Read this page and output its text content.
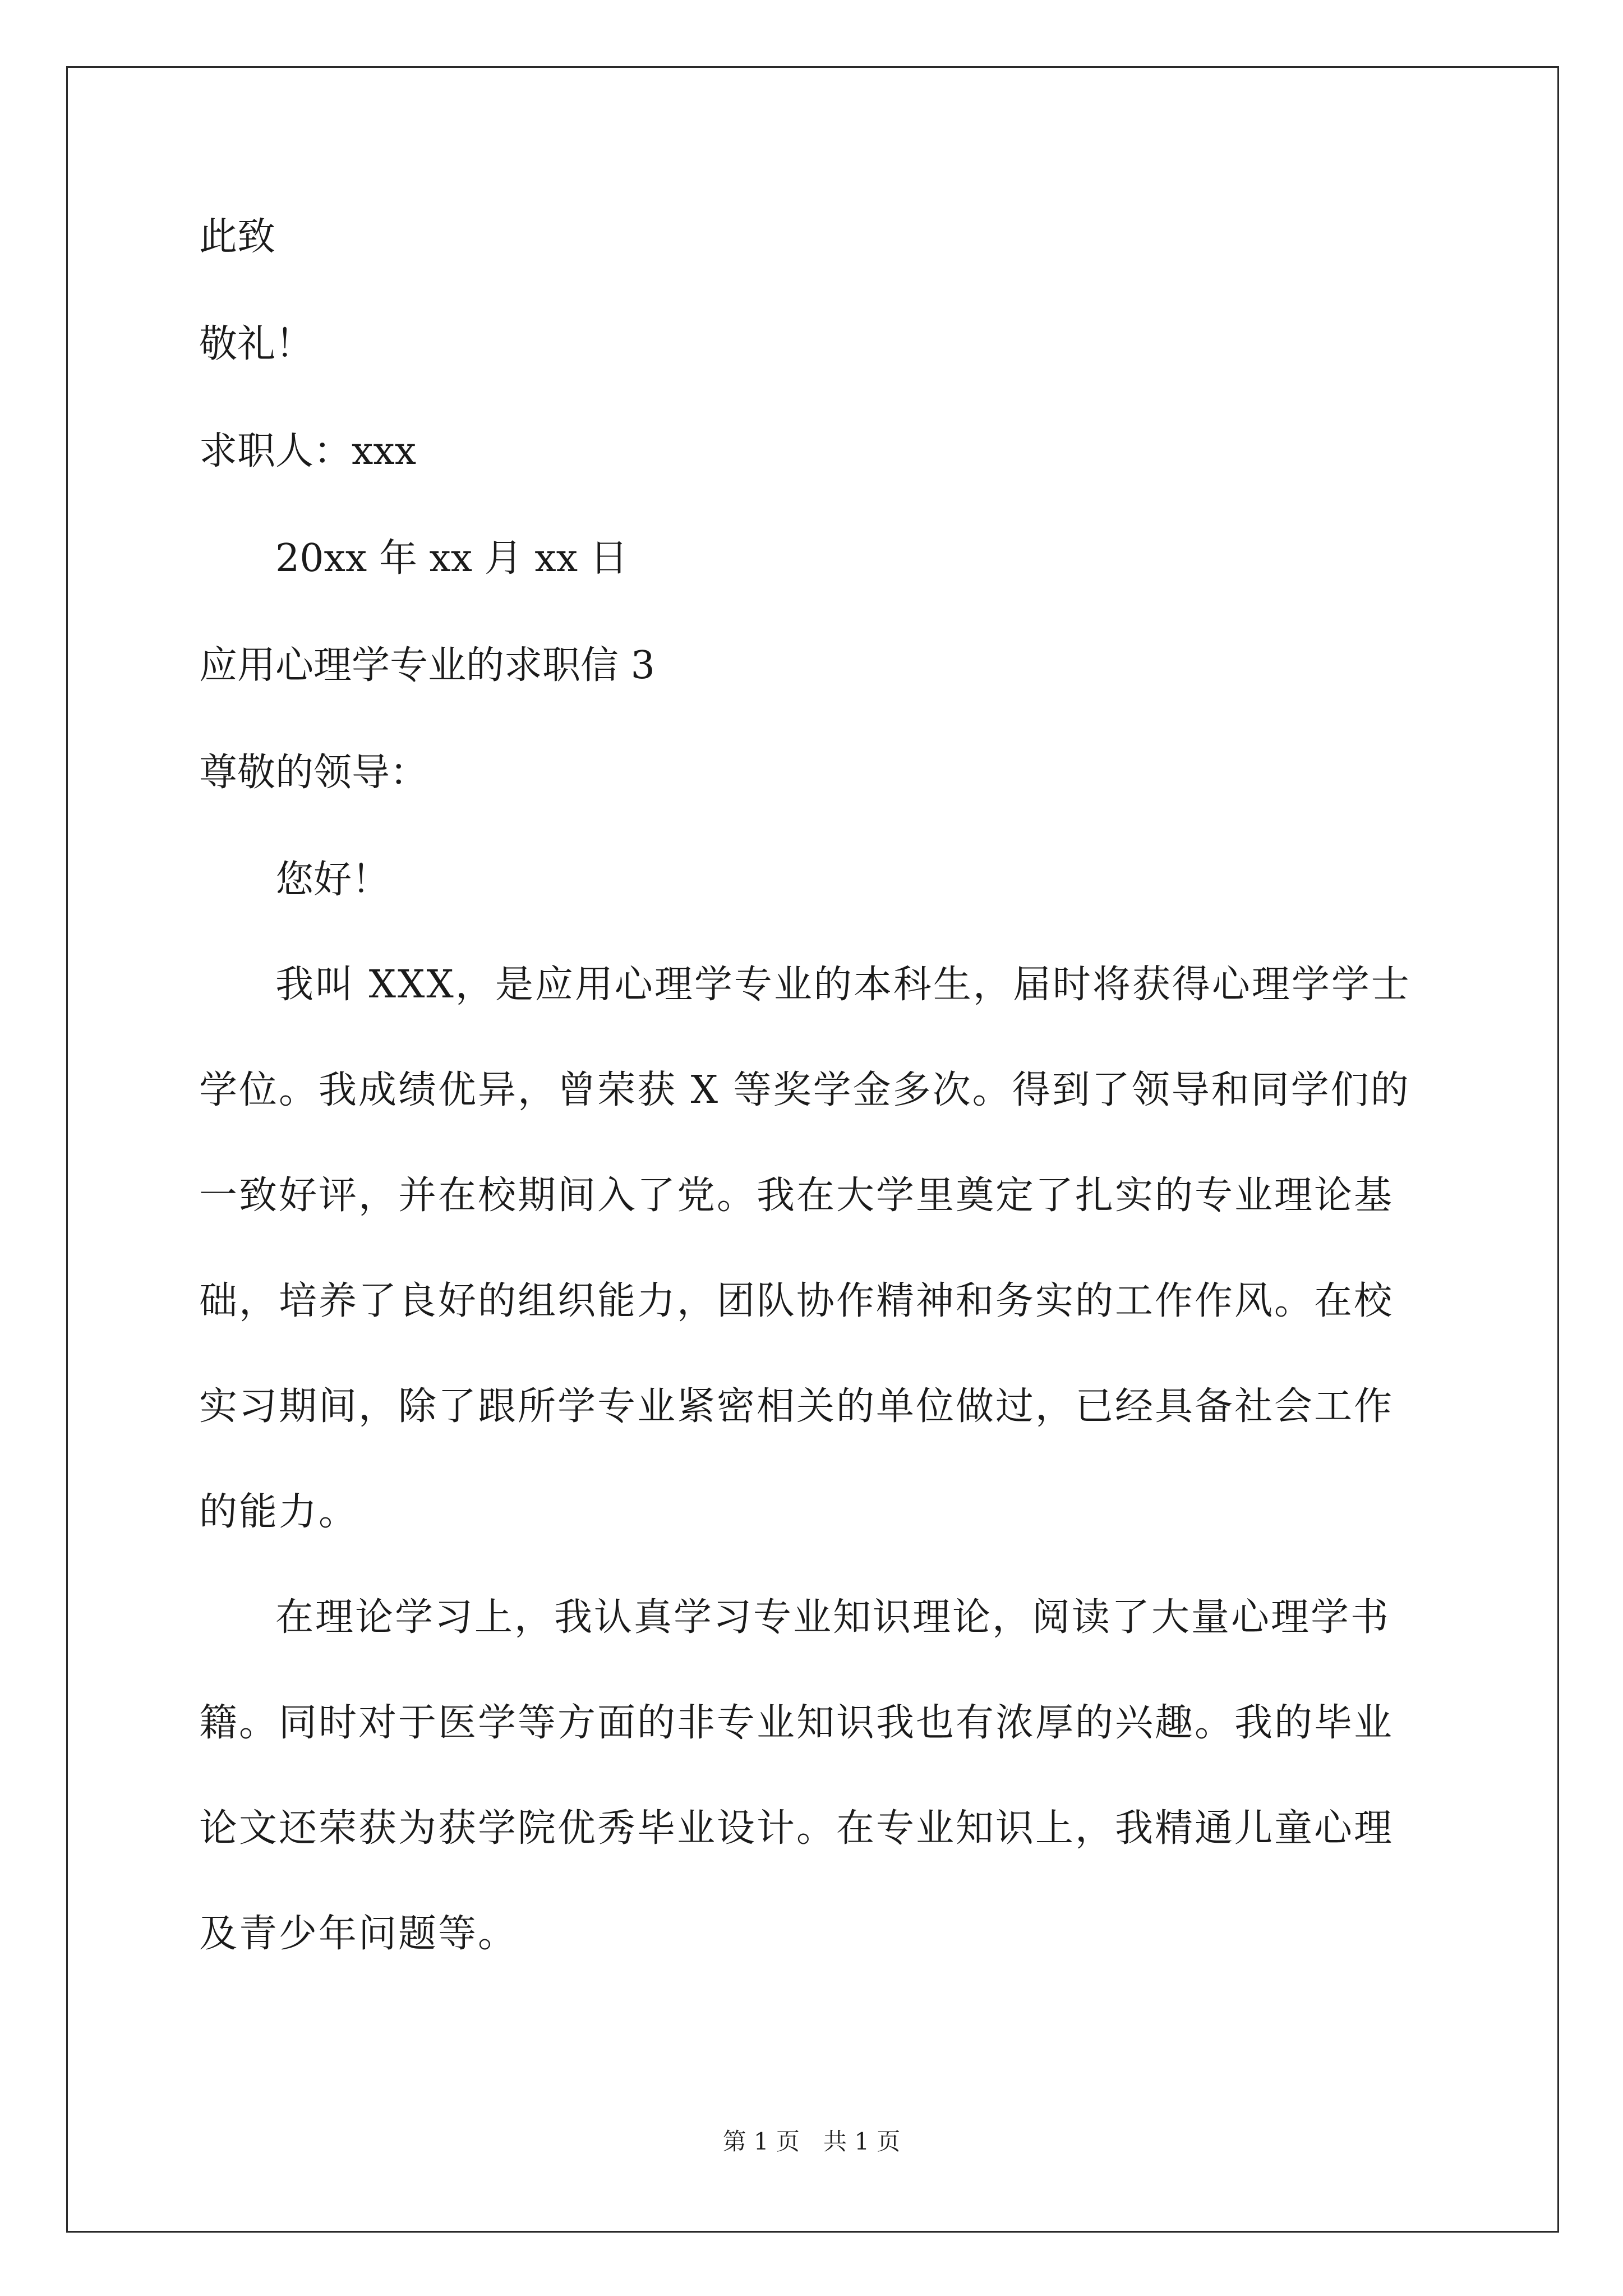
此致

敬礼！

求职人：xxx

20xx 年 xx 月 xx 日

应用心理学专业的求职信 3

尊敬的领导：

您好！

我叫 XXX，是应用心理学专业的本科生，届时将获得心理学学士学位。我成绩优异，曾荣获 X 等奖学金多次。得到了领导和同学们的一致好评，并在校期间入了党。我在大学里奠定了扎实的专业理论基础，培养了良好的组织能力，团队协作精神和务实的工作作风。在校实习期间，除了跟所学专业紧密相关的单位做过，已经具备社会工作的能力。

在理论学习上，我认真学习专业知识理论，阅读了大量心理学书籍。同时对于医学等方面的非专业知识我也有浓厚的兴趣。我的毕业论文还荣获为获学院优秀毕业设计。在专业知识上，我精通儿童心理及青少年问题等。

第 1 页　共 1 页
